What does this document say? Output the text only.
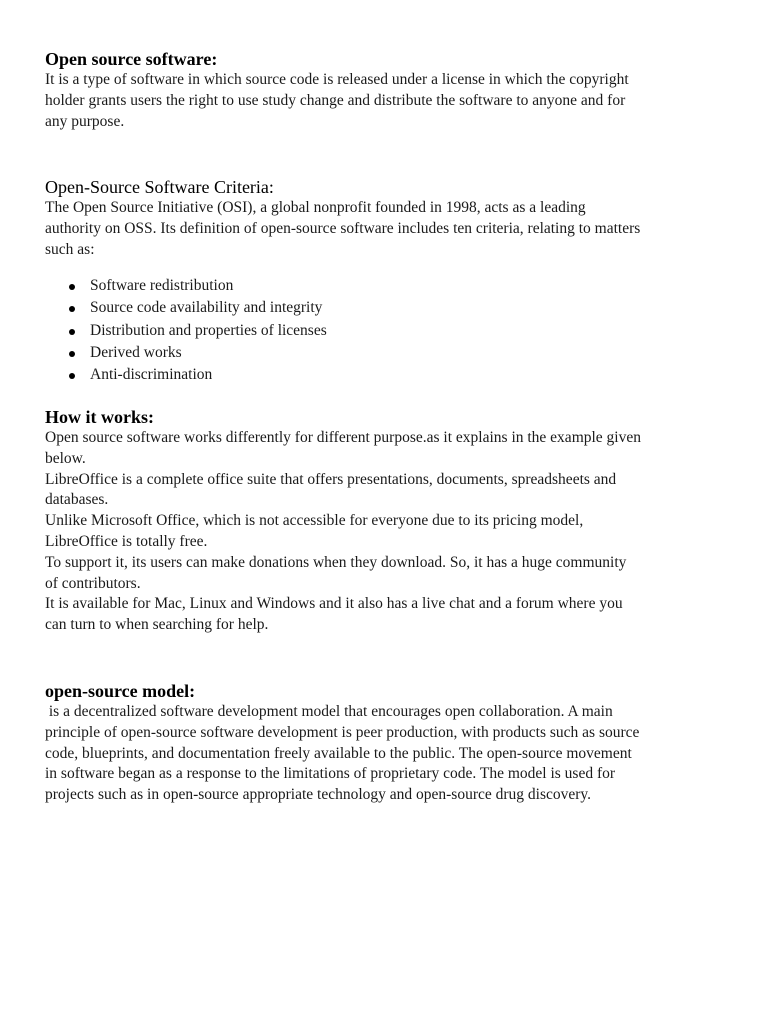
Open source software:
It is a type of software in which source code is released under a license in which the copyright
holder grants users the right to use study change and distribute the software to anyone and for
any purpose.
Open-Source Software Criteria:
The Open Source Initiative (OSI), a global nonprofit founded in 1998, acts as a leading
authority on OSS. Its definition of open-source software includes ten criteria, relating to matters
such as:
Software redistribution
Source code availability and integrity
Distribution and properties of licenses
Derived works
Anti-discrimination
How it works:
Open source software works differently for different purpose.as it explains in the example given
below.
LibreOffice is a complete office suite that offers presentations, documents, spreadsheets and
databases.
Unlike Microsoft Office, which is not accessible for everyone due to its pricing model,
LibreOffice is totally free.
To support it, its users can make donations when they download. So, it has a huge community
of contributors.
It is available for Mac, Linux and Windows and it also has a live chat and a forum where you
can turn to when searching for help.
open-source model:
is a decentralized software development model that encourages open collaboration. A main
principle of open-source software development is peer production, with products such as source
code, blueprints, and documentation freely available to the public. The open-source movement
in software began as a response to the limitations of proprietary code. The model is used for
projects such as in open-source appropriate technology and open-source drug discovery.
